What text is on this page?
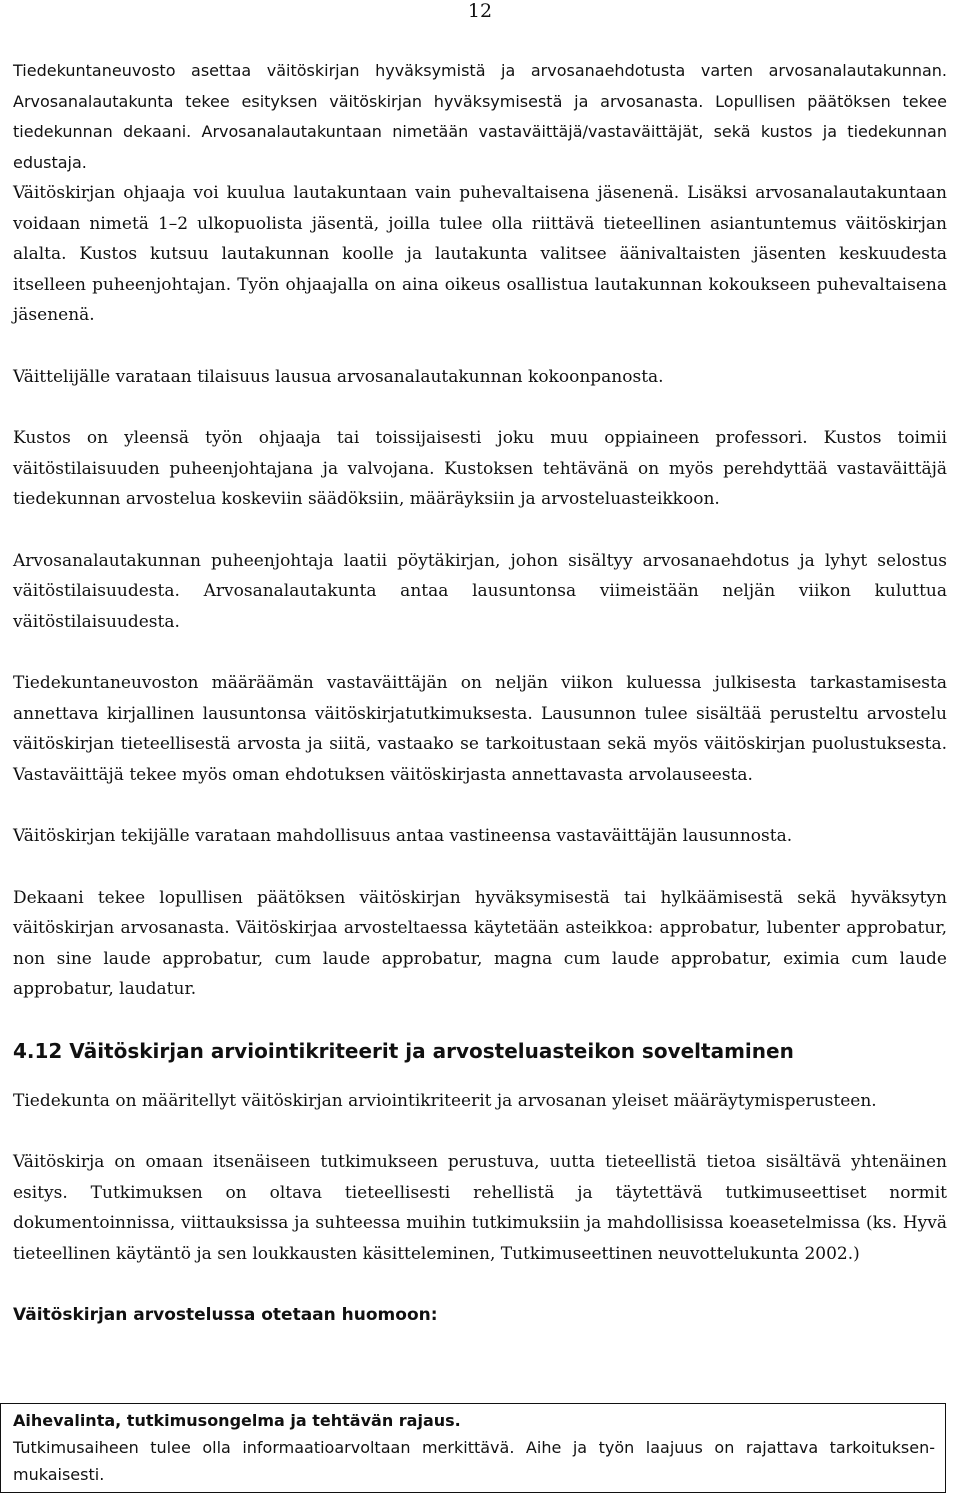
12

Tiedekuntaneuvosto asettaa väitöskirjan hyväksymistä ja arvosanaehdotusta varten arvosanalautakunnan. Arvosanalautakunta tekee esityksen väitöskirjan hyväksymisestä ja arvosanasta. Lopullisen päätöksen tekee tiedekunnan dekaani. Arvosanalautakuntaan nimetään vastaväittäjä/vastaväittäjät, sekä kustos ja tiedekunnan edustaja.

Väitöskirjan ohjaaja voi kuulua lautakuntaan vain puhevaltaisena jäsenenä. Lisäksi arvosanalautakuntaan voidaan nimetä 1–2 ulkopuolista jäsentä, joilla tulee olla riittävä tieteellinen asiantuntemus väitöskirjan alalta. Kustos kutsuu lautakunnan koolle ja lautakunta valitsee äänivaltaisten jäsenten keskuudesta itselleen puheenjohtajan. Työn ohjaajalla on aina oikeus osallistua lautakunnan kokoukseen puhevaltaisena jäsenenä.

Väittelijälle varataan tilaisuus lausua arvosanalautakunnan kokoonpanosta.

Kustos on yleensä työn ohjaaja tai toissijaisesti joku muu oppiaineen professori. Kustos toimii väitöstilaisuuden puheenjohtajana ja valvojana. Kustoksen tehtävänä on myös perehdyttää vastaväittäjä tiedekunnan arvostelua koskeviin säädöksiin, määräyksiin ja arvosteluasteikkoon.

Arvosanalautakunnan puheenjohtaja laatii pöytäkirjan, johon sisältyy arvosanaehdotus ja lyhyt selostus väitöstilaisuudesta. Arvosanalautakunta antaa lausuntonsa viimeistään neljän viikon kuluttua väitöstilaisuudesta.

Tiedekuntaneuvoston määräämän vastaväittäjän on neljän viikon kuluessa julkisesta tarkastamisesta annettava kirjallinen lausuntonsa väitöskirjatutkimuksesta. Lausunnon tulee sisältää perusteltu arvostelu väitöskirjan tieteellisestä arvosta ja siitä, vastaako se tarkoitustaan sekä myös väitöskirjan puolustuksesta. Vastaväittäjä tekee myös oman ehdotuksen väitöskirjasta annettavasta arvolauseesta.

Väitöskirjan tekijälle varataan mahdollisuus antaa vastineensa vastaväittäjän lausunnosta.

Dekaani tekee lopullisen päätöksen väitöskirjan hyväksymisestä tai hylkäämisestä sekä hyväksytyn väitöskirjan arvosanasta. Väitöskirjaa arvosteltaessa käytetään asteikkoa: approbatur, lubenter approbatur, non sine laude approbatur, cum laude approbatur, magna cum laude approbatur, eximia cum laude approbatur, laudatur.

4.12 Väitöskirjan arviointikriteerit ja arvosteluasteikon soveltaminen

Tiedekunta on määritellyt väitöskirjan arviointikriteerit ja arvosanan yleiset määräytymisperusteen.

Väitöskirja on omaan itsenäiseen tutkimukseen perustuva, uutta tieteellistä tietoa sisältävä yhtenäinen esitys. Tutkimuksen on oltava tieteellisesti rehellistä ja täytettävä tutkimuseettiset normit dokumentoinnissa, viittauksissa ja suhteessa muihin tutkimuksiin ja mahdollisissa koeasetelmissa (ks. Hyvä tieteellinen käytäntö ja sen loukkausten käsitteleminen, Tutkimuseettinen neuvottelukunta 2002.)

Väitöskirjan arvostelussa otetaan huomoon:
Aihevalinta, tutkimusongelma ja tehtävän rajaus.

Tutkimusaiheen tulee olla informaatioarvoltaan merkittävä. Aihe ja työn laajuus on rajattava tarkoituksen-mukaisesti.
